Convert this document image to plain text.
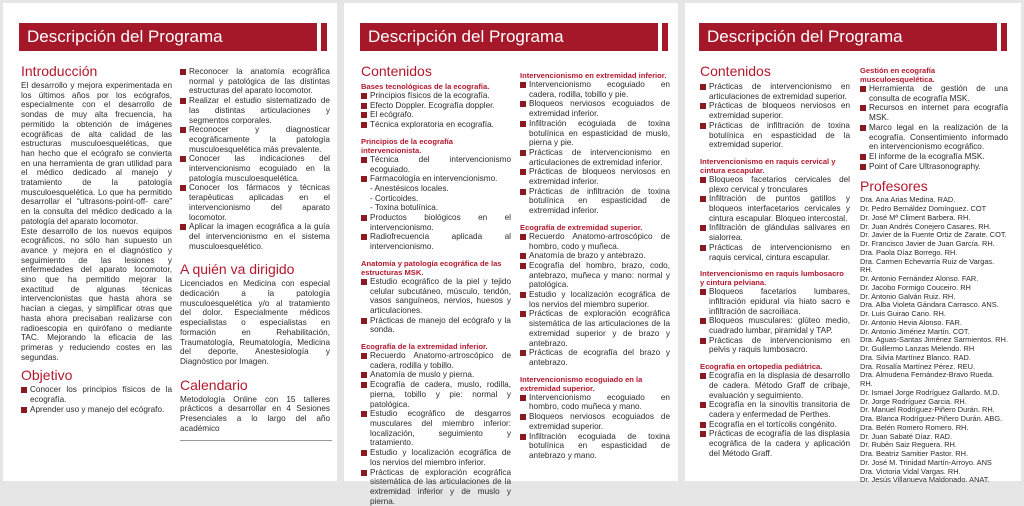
Descripción del Programa
Introducción
El desarrollo y mejora experimentada en los últimos años por los ecógrafos, especialmente con el desarrollo de sondas de muy alta frecuencia, ha permitido la obtención de imágenes ecográficas de alta calidad de las estructuras musculoesqueléticas, que han hecho que el ecógrafo se convierta en una herramienta de gran utilidad para el médico dedicado al manejo y tratamiento de la patología musculoesquelética. Lo que ha permitido desarrollar el “ultrasons-point-off- care” en la consulta del médico dedicado a la patología del aparato locomotor.
Este desarrollo de los nuevos equipos ecográficos, no sólo han supuesto un avance y mejora en el diagnóstico y seguimiento de las lesiones y enfermedades del aparato locomotor, sino que ha permitido mejorar la exactitud de algunas técnicas intervencionistas que hasta ahora se hacían a ciegas, y simplificar otras que hasta ahora precisaban realizarse con radioescopia en quirófano o mediante TAC. Mejorando la eficacia de las primeras y reduciendo costes en las segundas.
Objetivo
Conocer los principios físicos de la ecografía.
Aprender uso y manejo del ecógrafo.
Reconocer la anatomía ecográfica normal y patológica de las distintas estructuras del aparato locomotor.
Realizar el estudio sistematizado de las distintas articulaciones y segmentos corporales.
Reconocer y diagnosticar ecográficamente la patología musculoesquelética más prevalente.
Conocer las indicaciones del intervencionismo ecoguiado en la patología musculoesquelética.
Conocer los fármacos y técnicas terapéuticas aplicadas en el intervencionismo del aparato locomotor.
Aplicar la imagen ecográfica a la guía del intervencionismo en el sistema musculoesquelético.
A quién va dirigido
Licenciados en Medicina con especial dedicación a la patología musculoesquelética y/o al tratamiento del dolor. Especialmente médicos especialistas o especialistas en formación en Rehabilitación, Traumatología, Reumatología, Medicina del deporte, Anestesiología y Diagnóstico por Imagen.
Calendario
Metodología Online con 15 talleres prácticos a desarrollar en 4 Sesiones Presenciales a lo largo del año académico
Descripción del Programa
Contenidos
Bases tecnológicas de la ecografía.
Principios físicos de la ecografía.
Efecto Doppler. Ecografía doppler.
El ecógrafo.
Técnica exploratoria en ecografía.
Principios de la ecografía intervencionista.
Técnica del intervencionismo ecoguiado.
Farmacología en intervencionismo.
- Anestésicos locales.
- Corticoides.
- Toxina botulínica.
Productos biológicos en el intervencionismo.
Radiofrecuencia aplicada al intervencionismo.
Anatomía y patología ecográfica de las estructuras MSK.
Estudio ecográfico de la piel y tejido celular subcutáneo, músculo, tendón, vasos sanguíneos, nervios, huesos y articulaciones.
Prácticas de manejo del ecógrafo y la sonda.
Ecografía de la extremidad inferior.
Recuerdo Anatomo-artroscópico de cadera, rodilla y tobillo.
Anatomía de muslo y pierna.
Ecografía de cadera, muslo, rodilla, pierna, tobillo y pie: normal y patológica.
Estudio ecográfico de desgarros musculares del miembro inferior: localización, seguimiento y tratamiento.
Estudio y localización ecográfica de los nervios del miembro inferior.
Prácticas de exploración ecográfica sistemática de las articulaciones de la extremidad inferior y de muslo y pierna.
Intervencionismo en extremidad inferior.
Intervencionismo ecoguiado en cadera, rodilla, tobillo y pie.
Bloqueos nerviosos ecoguiados de extremidad inferior.
Infiltración ecoguiada de toxina botulínica en espasticidad de muslo, pierna y pie.
Prácticas de intervencionismo en articulaciones de extremidad inferior.
Prácticas de bloqueos nerviosos en extremidad inferior.
Prácticas de infiltración de toxina botulínica en espasticidad de extremidad inferior.
Ecografía de extremidad superior.
Recuerdo Anatomo-artroscópico de hombro, codo y muñeca.
Anatomía de brazo y antebrazo.
Ecografía del hombro, brazo, codo, antebrazo, muñeca y mano: normal y patológica.
Estudio y localización ecográfica de los nervios del miembro superior.
Prácticas de exploración ecográfica sistemática de las articulaciones de la extremidad superior y de brazo y antebrazo.
Prácticas de ecografía del brazo y antebrazo.
Intervencionismo ecoguiado en la extremidad superior.
Intervencionismo ecoguiado en hombro, codo muñeca y mano.
Bloqueos nerviosos ecoguiados de extremidad superior.
Infiltración ecoguiada de toxina botulínica en espasticidad de antebrazo y mano.
Descripción del Programa
Contenidos
Prácticas de intervencionismo en articulaciones de extremidad superior.
Prácticas de bloqueos nerviosos en extremidad superior.
Prácticas de infiltración de toxina botulínica en espasticidad de la extremidad superior.
Intervencionismo en raquis cervical y cintura escapular.
Bloqueos facetarios cervicales del plexo cervical y tronculares
Infiltración de puntos gatillos y bloqueos interfacetarios cervicales y cintura escapular. Bloqueo intercostal.
Infiltración de glándulas salivares en sialorrea.
Prácticas de intervencionismo en raquis cervical, cintura escapular.
Intervencionismo en raquis lumbosacro y cintura pelviana.
Bloqueos facetarios lumbares, infiltración epidural vía hiato sacro e infiltración de sacroiliaca.
Bloqueos musculares: glúteo medio, cuadrado lumbar, piramidal y TAP.
Prácticas de intervencionismo en pelvis y raquis lumbosacro.
Ecografía en ortopedia pediátrica.
Ecografía en la displasia de desarrollo de cadera. Método Graff de cribaje, evaluación y seguimiento.
Ecografía en la sinovitis transitoria de cadera y enfermedad de Perthes.
Ecografía en el tortícolis congénito.
Prácticas de ecografía de las displasia ecográfica de la cadera y aplicación del Método Graff.
Gestión en ecografía musculoesquelética.
Herramienta de gestión de una consulta de ecografía MSK.
Recursos en internet para ecografía MSK.
Marco legal en la realización de la ecografía. Consentimiento informado en intervencionismo ecográfico.
El informe de la ecografía MSK.
Point of Care Ultrasonography.
Profesores
Dra. Ana Arias Medina. RAD.
Dr. Pedro Bernáldez Domínguez. COT
Dr. José Mª Climent Barbera. RH.
Dr. Juan Andrés Conejero Casares. RH.
Dr. Javier de la Fuente Ortiz de Zarate. COT.
Dr. Francisco Javier de Juan García. RH.
Dra. Paola Díaz Borrego. RH.
Dra. Carmen Echevarría Ruiz de Vargas. RH.
Dr. Antonio Fernández Alonso. FAR.
Dr. Jacobo Formigo Couceiro. RH
Dr. Antonio Galván Ruiz. RH.
Dra. Alba Violeta Gándara Carrasco. ANS.
Dr. Luis Guirao Cano. RH.
Dr. Antonio Hevia Alonso. FAR.
Dr. Antonio Jiménez Martín. COT.
Dra. Aguas-Santas Jiménez Sarmientos. RH.
Dr. Guillermo Lanzas Melendo. RH
Dra. Silvia Martínez Blanco. RAD.
Dra. Rosalía Martínez Pérez. REU.
Dra. Almudena Fernández-Bravo Rueda. RH.
Dr. Ismael Jorge Rodríguez Gallardo. M.D.
Dr. Jorge Rodríguez Garcia. RH.
Dr. Manuel Rodríguez-Piñero Durán. RH.
Dra. Blanca Rodríguez-Piñero Durán. ABG.
Dra. Belén Romero Romero. RH.
Dr. Juan Sabaté Díaz. RAD.
Dr. Rubén Saiz Reguera. RH.
Dra. Beatriz Samitier Pastor. RH.
Dr. José M. Trinidad Martín-Arroyo. ANS
Dra. Victoria Vidal Vargas. RH.
Dr. Jesús Villanueva Maldonado. ANAT.
